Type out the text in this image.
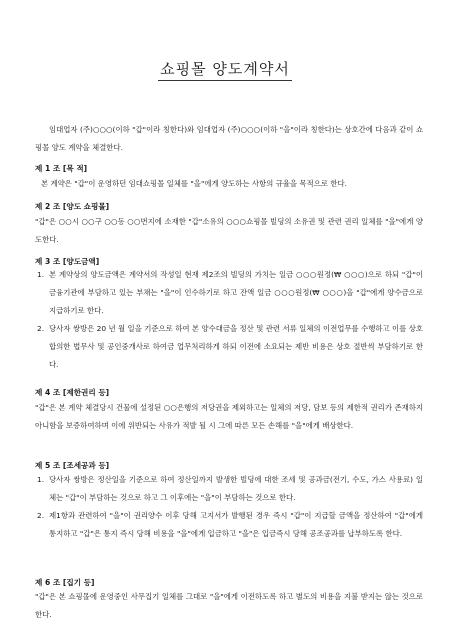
쇼핑몰 양도계약서

임대업자 (주)○○○(이하 "갑"이라 칭한다)와 임대업자 (주)○○○(이하 "을"이라 칭한다)는 상호간에 다음과 같이 쇼핑몰 양도 계약을 체결한다.

제 1 조 [목 적]

본 계약은 "갑"이 운영하던 임대쇼핑몰 일체를 "을"에게 양도하는 사항의 규율을 목적으로 한다.

제 2 조 [양도 쇼핑몰]

"갑"은 ○○시 ○○구 ○○동 ○○번지에 소재한 "갑"소유의 ○○○쇼핑몰 빌딩의 소유권 및 관련 권리 일체를 "을"에게 양도한다.

제 3 조 [양도금액]
1. 본 계약상의 양도금액은 계약서의 작성일 현재 제2조의 빌딩의 가치는 일금 ○○○원정(₩ ○○○)으로 하되 "갑"이 금융기관에 부담하고 있는 부채는 "을"이 인수하기로 하고 잔액 일금 ○○○원정(₩ ○○○)을 "갑"에게 양수금으로 지급하기로 한다.
2. 당사자 쌍방은 20 년 월 일을 기준으로 하여 본 양수대금을 정산 및 관련 서류 일체의 이전업무를 수행하고 이를 상호 합의한 법무사 및 공인중개사로 하여금 업무처리하게 하되 이전에 소요되는 제반 비용은 상호 절반씩 부담하기로 한다.
제 4 조 [제한권리 등]

"갑"은 본 계약 체결당시 건물에 설정된 ○○은행의 저당권을 제외하고는 일체의 저당, 담보 등의 제한적 권리가 존재하지 아니함을 보증하여하며 이에 위반되는 사유가 적발 될 시 그에 따른 모든 손해를 "을"에게 배상한다.

제 5 조 [조세공과 등]
1. 당사자 쌍방은 정산일을 기준으로 하여 정산일까지 발생한 빌딩에 대한 조세 및 공과금(전기, 수도, 가스 사용료) 일체는 "갑"이 부담하는 것으로 하고 그 이후에는 "을"이 부담하는 것으로 한다.
2. 제1항과 관련하여 "을"이 권리양수 이후 당해 고지서가 발행된 경우 즉시 "갑"이 지급할 금액을 정산하여 "갑"에게 통지하고 "갑"은 통지 즉시 당해 비용을 "을"에게 입금하고 "을"은 입금즉시 당해 공조공과를 납부하도록 한다.
제 6 조 [집기 등]

"갑"은 본 쇼핑몰에 운영중인 사무집기 일체를 그대로 "을"에게 이전하도록 하고 별도의 비용을 지불 받지는 않는 것으로 한다.
